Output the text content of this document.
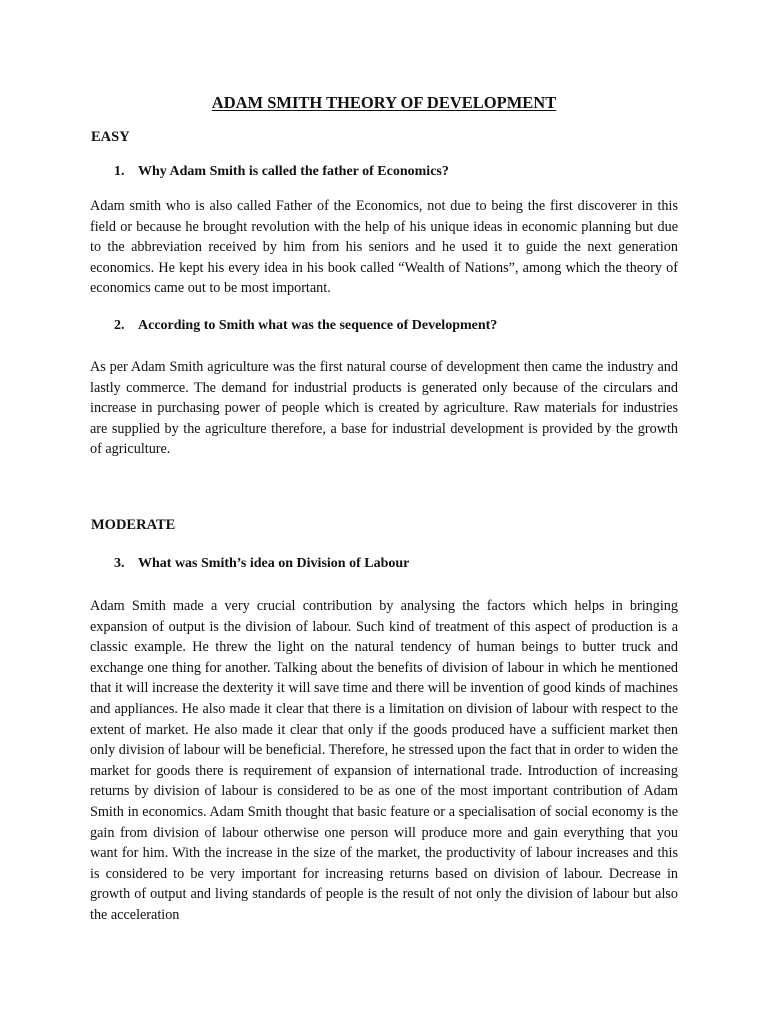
ADAM SMITH THEORY OF DEVELOPMENT
EASY
1. Why Adam Smith is called the father of Economics?

Adam smith who is also called Father of the Economics, not due to being the first discoverer in this field or because he brought revolution with the help of his unique ideas in economic planning but due to the abbreviation received by him from his seniors and he used it to guide the next generation economics. He kept his every idea in his book called “Wealth of Nations”, among which the theory of economics came out to be most important.

2. According to Smith what was the sequence of Development?

As per Adam Smith agriculture was the first natural course of development then came the industry and lastly commerce. The demand for industrial products is generated only because of the circulars and increase in purchasing power of people which is created by agriculture. Raw materials for industries are supplied by the agriculture therefore, a base for industrial development is provided by the growth of agriculture.

MODERATE
3. What was Smith’s idea on Division of Labour

Adam Smith made a very crucial contribution by analysing the factors which helps in bringing expansion of output is the division of labour. Such kind of treatment of this aspect of production is a classic example. He threw the light on the natural tendency of human beings to butter truck and exchange one thing for another. Talking about the benefits of division of labour in which he mentioned that it will increase the dexterity it will save time and there will be invention of good kinds of machines and appliances. He also made it clear that there is a limitation on division of labour with respect to the extent of market. He also made it clear that only if the goods produced have a sufficient market then only division of labour will be beneficial. Therefore, he stressed upon the fact that in order to widen the market for goods there is requirement of expansion of international trade. Introduction of increasing returns by division of labour is considered to be as one of the most important contribution of Adam Smith in economics. Adam Smith thought that basic feature or a specialisation of social economy is the gain from division of labour otherwise one person will produce more and gain everything that you want for him. With the increase in the size of the market, the productivity of labour increases and this is considered to be very important for increasing returns based on division of labour. Decrease in growth of output and living standards of people is the result of not only the division of labour but also the acceleration
